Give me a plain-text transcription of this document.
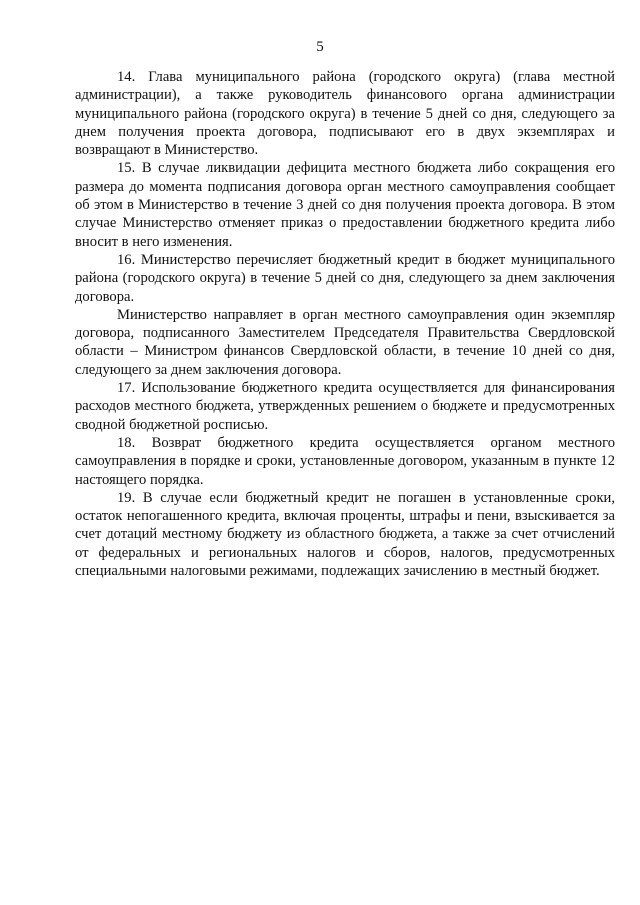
5

14. Глава муниципального района (городского округа) (глава местной администрации), а также руководитель финансового органа администрации муниципального района (городского округа) в течение 5 дней со дня, следующего за днем получения проекта договора, подписывают его в двух экземплярах и возвращают в Министерство.

15. В случае ликвидации дефицита местного бюджета либо сокращения его размера до момента подписания договора орган местного самоуправления сообщает об этом в Министерство в течение 3 дней со дня получения проекта договора. В этом случае Министерство отменяет приказ о предоставлении бюджетного кредита либо вносит в него изменения.

16. Министерство перечисляет бюджетный кредит в бюджет муниципального района (городского округа) в течение 5 дней со дня, следующего за днем заключения договора.

Министерство направляет в орган местного самоуправления один экземпляр договора, подписанного Заместителем Председателя Правительства Свердловской области – Министром финансов Свердловской области, в течение 10 дней со дня, следующего за днем заключения договора.

17. Использование бюджетного кредита осуществляется для финансирования расходов местного бюджета, утвержденных решением о бюджете и предусмотренных сводной бюджетной росписью.

18. Возврат бюджетного кредита осуществляется органом местного самоуправления в порядке и сроки, установленные договором, указанным в пункте 12 настоящего порядка.

19. В случае если бюджетный кредит не погашен в установленные сроки, остаток непогашенного кредита, включая проценты, штрафы и пени, взыскивается за счет дотаций местному бюджету из областного бюджета, а также за счет отчислений от федеральных и региональных налогов и сборов, налогов, предусмотренных специальными налоговыми режимами, подлежащих зачислению в местный бюджет.
